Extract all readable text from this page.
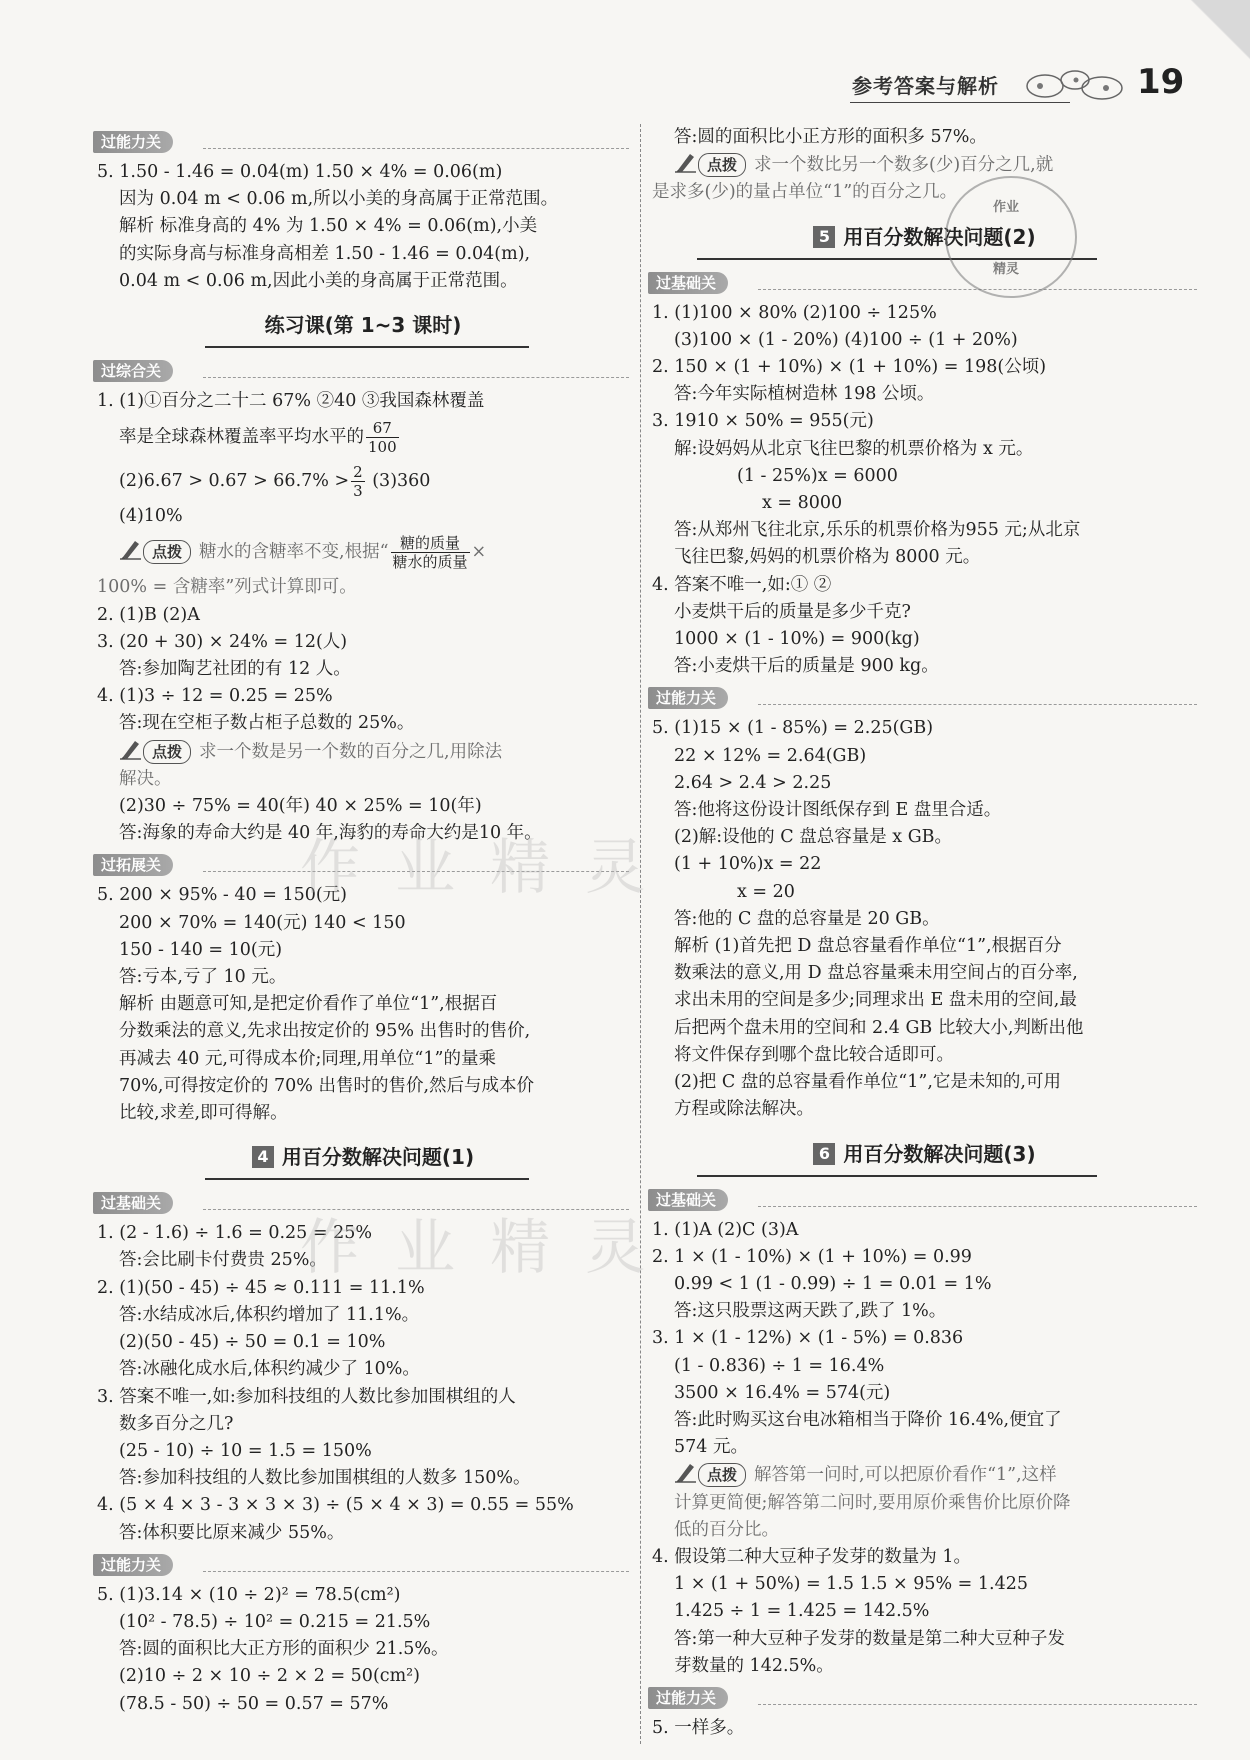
参考答案与解析	19
过能力关
5. 1.50 - 1.46 = 0.04(m) 1.50 × 4% = 0.06(m)
因为 0.04 m < 0.06 m,所以小美的身高属于正常范围。
解析 标准身高的 4% 为 1.50 × 4% = 0.06(m),小美
的实际身高与标准身高相差 1.50 - 1.46 = 0.04(m),
0.04 m < 0.06 m,因此小美的身高属于正常范围。
练习课(第 1~3 课时)
过综合关
1. (1)①百分之二十二 67% ②40 ③我国森林覆盖
率是全球森林覆盖率平均水平的 $\frac{67}{100}$
$(2)6.67 > 0.67 > 66.7\% > \frac{2}{3} (3)360$
(4)10%
点拨 糖水的含糖率不变,根据“ $\frac{\text{糖的质量}}{\text{糖水的质量}}$ ×
100% = 含糖率”列式计算即可。
2. (1)B (2)A
3. (20 + 30) × 24% = 12(人)
答:参加陶艺社团的有 12 人。
4. (1)3 ÷ 12 = 0.25 = 25%
答:现在空柜子数占柜子总数的 25%。
点拨 求一个数是另一个数的百分之几,用除法
解决。
(2)30 ÷ 75% = 40(年) 40 × 25% = 10(年)
答:海象的寿命大约是 40 年,海豹的寿命大约是10 年。
过拓展关
5. 200 × 95% - 40 = 150(元)
200 × 70% = 140(元) 140 < 150
150 - 140 = 10(元)
答:亏本,亏了 10 元。
解析 由题意可知,是把定价看作了单位“1”,根据百
分数乘法的意义,先求出按定价的 95% 出售时的售价,
再减去 40 元,可得成本价;同理,用单位“1”的量乘
70%,可得按定价的 70% 出售时的售价,然后与成本价
比较,求差,即可得解。
4 用百分数解决问题(1)
过基础关
1. (2 - 1.6) ÷ 1.6 = 0.25 = 25%
答:会比刷卡付费贵 25%。
2. (1)(50 - 45) ÷ 45 ≈ 0.111 = 11.1%
答:水结成冰后,体积约增加了 11.1%。
(2)(50 - 45) ÷ 50 = 0.1 = 10%
答:冰融化成水后,体积约减少了 10%。
3. 答案不唯一,如:参加科技组的人数比参加围棋组的人
数多百分之几?
(25 - 10) ÷ 10 = 1.5 = 150%
答:参加科技组的人数比参加围棋组的人数多 150%。
4. (5 × 4 × 3 - 3 × 3 × 3) ÷ (5 × 4 × 3) = 0.55 = 55%
答:体积要比原来减少 55%。
过能力关
5. (1)3.14 × (10 ÷ 2)² = 78.5(cm²)
(10² - 78.5) ÷ 10² = 0.215 = 21.5%
答:圆的面积比大正方形的面积少 21.5%。
(2)10 ÷ 2 × 10 ÷ 2 × 2 = 50(cm²)
(78.5 - 50) ÷ 50 = 0.57 = 57%
答:圆的面积比小正方形的面积多 57%。
点拨 求一个数比另一个数多(少)百分之几,就
是求多(少)的量占单位“1”的百分之几。
5 用百分数解决问题(2)
过基础关
1. (1)100 × 80% (2)100 ÷ 125%
(3)100 × (1 - 20%) (4)100 ÷ (1 + 20%)
2. 150 × (1 + 10%) × (1 + 10%) = 198(公顷)
答:今年实际植树造林 198 公顷。
3. 1910 × 50% = 955(元)
解:设妈妈从北京飞往巴黎的机票价格为 x 元。
(1 - 25%)x = 6000
x = 8000
答:从郑州飞往北京,乐乐的机票价格为955 元;从北京
飞往巴黎,妈妈的机票价格为 8000 元。
4. 答案不唯一,如:① ②
小麦烘干后的质量是多少千克?
1000 × (1 - 10%) = 900(kg)
答:小麦烘干后的质量是 900 kg。
过能力关
5. (1)15 × (1 - 85%) = 2.25(GB)
22 × 12% = 2.64(GB)
2.64 > 2.4 > 2.25
答:他将这份设计图纸保存到 E 盘里合适。
(2)解:设他的 C 盘总容量是 x GB。
(1 + 10%)x = 22
x = 20
答:他的 C 盘的总容量是 20 GB。
解析 (1)首先把 D 盘总容量看作单位“1”,根据百分
数乘法的意义,用 D 盘总容量乘未用空间占的百分率,
求出未用的空间是多少;同理求出 E 盘未用的空间,最
后把两个盘未用的空间和 2.4 GB 比较大小,判断出他
将文件保存到哪个盘比较合适即可。
(2)把 C 盘的总容量看作单位“1”,它是未知的,可用
方程或除法解决。
6 用百分数解决问题(3)
过基础关
1. (1)A (2)C (3)A
2. 1 × (1 - 10%) × (1 + 10%) = 0.99
0.99 < 1 (1 - 0.99) ÷ 1 = 0.01 = 1%
答:这只股票这两天跌了,跌了 1%。
3. 1 × (1 - 12%) × (1 - 5%) = 0.836
(1 - 0.836) ÷ 1 = 16.4%
3500 × 16.4% = 574(元)
答:此时购买这台电冰箱相当于降价 16.4%,便宜了
574 元。
点拨 解答第一问时,可以把原价看作“1”,这样
计算更简便;解答第二问时,要用原价乘售价比原价降
低的百分比。
4. 假设第二种大豆种子发芽的数量为 1。
1 × (1 + 50%) = 1.5 1.5 × 95% = 1.425
1.425 ÷ 1 = 1.425 = 142.5%
答:第一种大豆种子发芽的数量是第二种大豆种子发
芽数量的 142.5%。
过能力关
5. 一样多。
作 业 精 灵
作 业 精 灵
作业
精灵
